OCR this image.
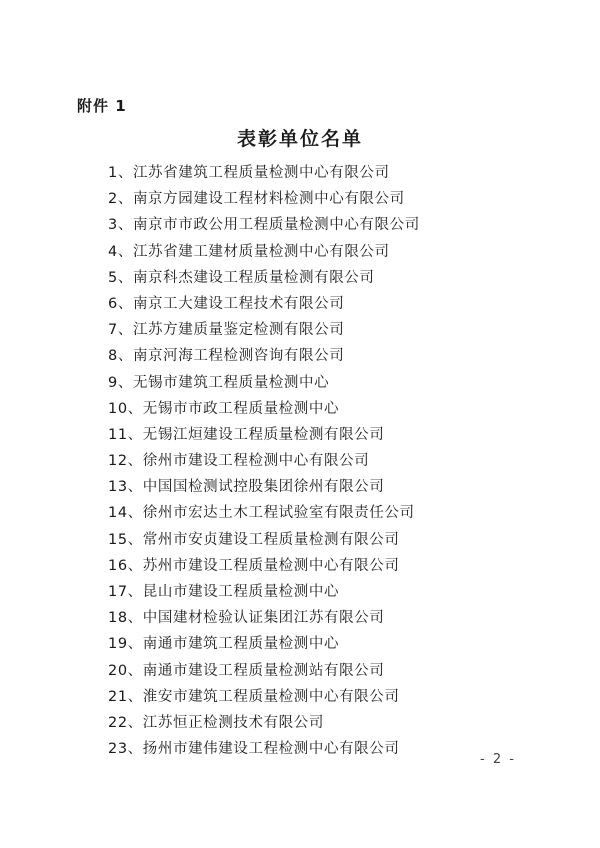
附件 1
表彰单位名单
1、江苏省建筑工程质量检测中心有限公司
2、南京方园建设工程材料检测中心有限公司
3、南京市市政公用工程质量检测中心有限公司
4、江苏省建工建材质量检测中心有限公司
5、南京科杰建设工程质量检测有限公司
6、南京工大建设工程技术有限公司
7、江苏方建质量鉴定检测有限公司
8、南京河海工程检测咨询有限公司
9、无锡市建筑工程质量检测中心
10、无锡市市政工程质量检测中心
11、无锡江烜建设工程质量检测有限公司
12、徐州市建设工程检测中心有限公司
13、中国国检测试控股集团徐州有限公司
14、徐州市宏达土木工程试验室有限责任公司
15、常州市安贞建设工程质量检测有限公司
16、苏州市建设工程质量检测中心有限公司
17、昆山市建设工程质量检测中心
18、中国建材检验认证集团江苏有限公司
19、南通市建筑工程质量检测中心
20、南通市建设工程质量检测站有限公司
21、淮安市建筑工程质量检测中心有限公司
22、江苏恒正检测技术有限公司
23、扬州市建伟建设工程检测中心有限公司
- 2 -
